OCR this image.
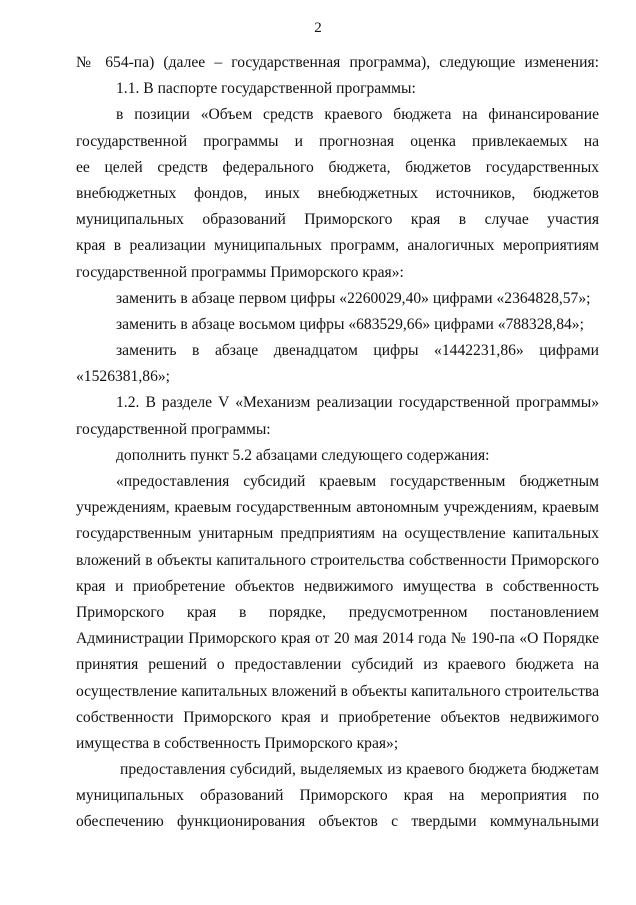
2
№ 654-па) (далее – государственная программа), следующие изменения:
1.1. В паспорте государственной программы:
в позиции «Объем средств краевого бюджета на финансирование
государственной программы и прогнозная оценка привлекаемых на
ее целей средств федерального бюджета, бюджетов государственных
внебюджетных фондов, иных внебюджетных источников, бюджетов
муниципальных образований Приморского края в случае участия
края в реализации муниципальных программ, аналогичных мероприятиям
государственной программы Приморского края»:
заменить в абзаце первом цифры «2260029,40» цифрами «2364828,57»;
заменить в абзаце восьмом цифры «683529,66» цифрами «788328,84»;
заменить в абзаце двенадцатом цифры «1442231,86» цифрами
«1526381,86»;
1.2. В разделе V «Механизм реализации государственной программы»
государственной программы:
дополнить пункт 5.2 абзацами следующего содержания:
«предоставления субсидий краевым государственным бюджетным
учреждениям, краевым государственным автономным учреждениям, краевым
государственным унитарным предприятиям на осуществление капитальных
вложений в объекты капитального строительства собственности Приморского
края и приобретение объектов недвижимого имущества в собственность
Приморского края в порядке, предусмотренном постановлением
Администрации Приморского края от 20 мая 2014 года № 190-па «О Порядке
принятия решений о предоставлении субсидий из краевого бюджета на
осуществление капитальных вложений в объекты капитального строительства
собственности Приморского края и приобретение объектов недвижимого
имущества в собственность Приморского края»;
предоставления субсидий, выделяемых из краевого бюджета бюджетам
муниципальных образований Приморского края на мероприятия по
обеспечению функционирования объектов с твердыми коммунальными
